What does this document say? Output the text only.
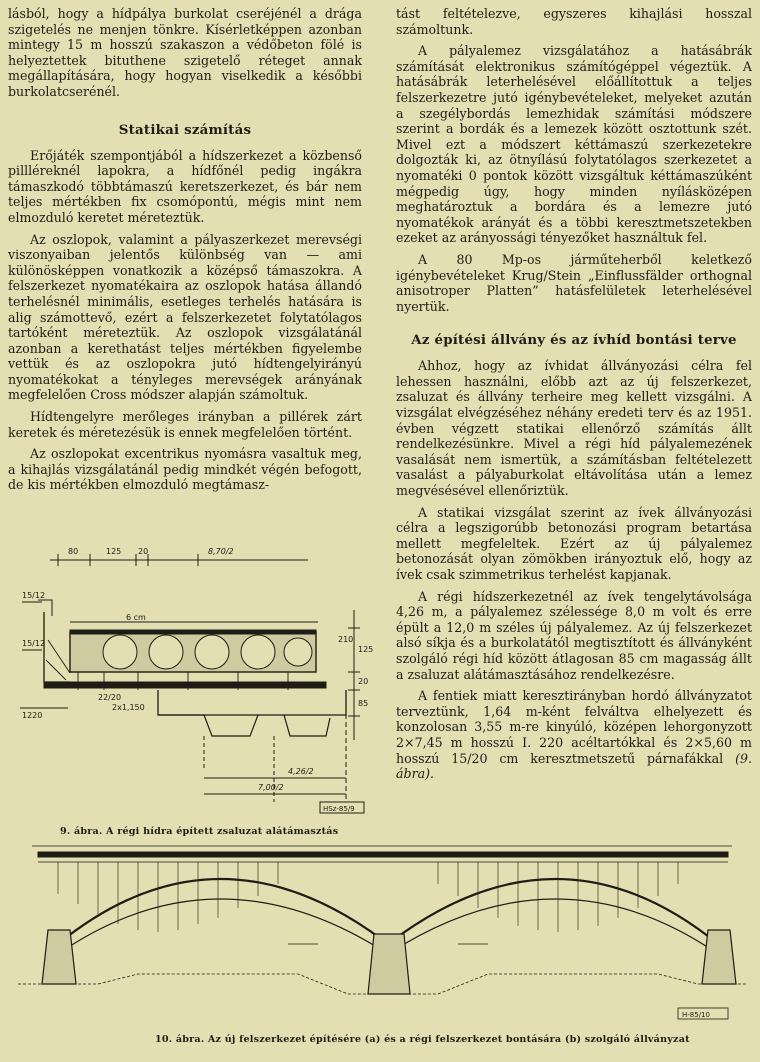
lásból, hogy a hídpálya burkolat cseréjénél a drága szigetelés ne menjen tönkre. Kísérletképpen azonban mintegy 15 m hosszú szakaszon a védőbeton fölé is helyeztettek bituthene szigetelő réteget annak megállapítására, hogy hogyan viselkedik a későbbi burkolatcserénél.

Statikai számítás

Erőjáték szempontjából a hídszerkezet a közbenső pillléreknél lapokra, a hídfőnél pedig ingákra támaszkodó többtámaszú keretszerkezet, és bár nem teljes mértékben fix csomópontú, mégis mint nem elmozduló keretet méreteztük.

Az oszlopok, valamint a pályaszerkezet merevségi viszonyaiban jelentős különbség van — ami különösképpen vonatkozik a középső támaszokra. A felszerkezet nyomatékaira az oszlopok hatása állandó terhelésnél minimális, esetleges terhelés hatására is alig számottevő, ezért a felszerkezetet folytatólagos tartóként méreteztük. Az oszlopok vizsgálatánál azonban a kerethatást teljes mértékben figyelembe vettük és az oszlopokra jutó hídtengelyirányú nyomatékokat a tényleges merevségek arányának megfelelően Cross módszer alapján számoltuk.

Hídtengelyre merőleges irányban a pillérek zárt keretek és méretezésük is ennek megfelelően történt.

Az oszlopokat excentrikus nyomásra vasaltuk meg, a kihajlás vizsgálatánál pedig mindkét végén befogott, de kis mértékben elmozduló megtámasz-

tást feltételezve, egyszeres kihajlási hosszal számoltunk.

A pályalemez vizsgálatához a hatásábrák számítását elektronikus számítógéppel végeztük. A hatásábrák leterhelésével előállítottuk a teljes felszerkezetre jutó igénybevételeket, melyeket azután a szegélybordás lemezhidak számítási módszere szerint a bordák és a lemezek között osztottunk szét. Mivel ezt a módszert kéttámaszú szerkezetekre dolgozták ki, az ötnyílású folytatólagos szerkezetet a nyomatéki 0 pontok között vizsgáltuk kéttámaszúként mégpedig úgy, hogy minden nyílásközépen meghatároztuk a bordára és a lemezre jutó nyomatékok arányát és a többi keresztmetszetekben ezeket az arányossági tényezőket használtuk fel.

A 80 Mp-os járműteherből keletkező igénybevételeket Krug/Stein „Einflussfälder orthognal anisotroper Platten” hatásfelületek leterhelésével nyertük.

Az építési állvány és az ívhíd bontási terve

Ahhoz, hogy az ívhidat állványozási célra fel lehessen használni, előbb azt az új felszerkezet, zsaluzat és állvány terheire meg kellett vizsgálni. A vizsgálat elvégzéséhez néhány eredeti terv és az 1951. évben végzett statikai ellenőrző számítás állt rendelkezésünkre. Mivel a régi híd pályalemezének vasalását nem ismertük, a számításban feltételezett vasalást a pályaburkolat eltávolítása után a lemez megvésésével ellenőriztük.

A statikai vizsgálat szerint az ívek állványozási célra a legszigorúbb betonozási program betartása mellett megfeleltek. Ezért az új pályalemez betonozását olyan zömökben irányoztuk elő, hogy az ívek csak szimmetrikus terhelést kapjanak.

A régi hídszerkezetnél az ívek tengelytávolsága 4,26 m, a pályalemez szélessége 8,0 m volt és erre épült a 12,0 m széles új pályalemez. Az új felszerkezet alsó síkja és a burkolatától megtisztított és állványként szolgáló régi híd között átlagosan 85 cm magasság állt a zsaluzat alátámasztásához rendelkezésre.

A fentiek miatt keresztirányban hordó állványzatot terveztünk, 1,64 m-ként felváltva elhelyezett és konzolosan 3,55 m-re kinyúló, középen lehorgonyzott 2×7,45 m hosszú I. 220 acéltartókkal és 2×5,60 m hosszú 15/20 cm keresztmetszetű párnafákkal (9. ábra).

80	125 20	8,70/2
6 cm
15/12
15/12
22/20
2x1,150
1220
125
20
85
210
4,26/2
7,00/2
HSz-85/9
9. ábra. A régi hídra épített zsaluzat alátámasztás
H-85/10
10. ábra. Az új felszerkezet építésére (a) és a régi felszerkezet bontására (b) szolgáló állványzat
